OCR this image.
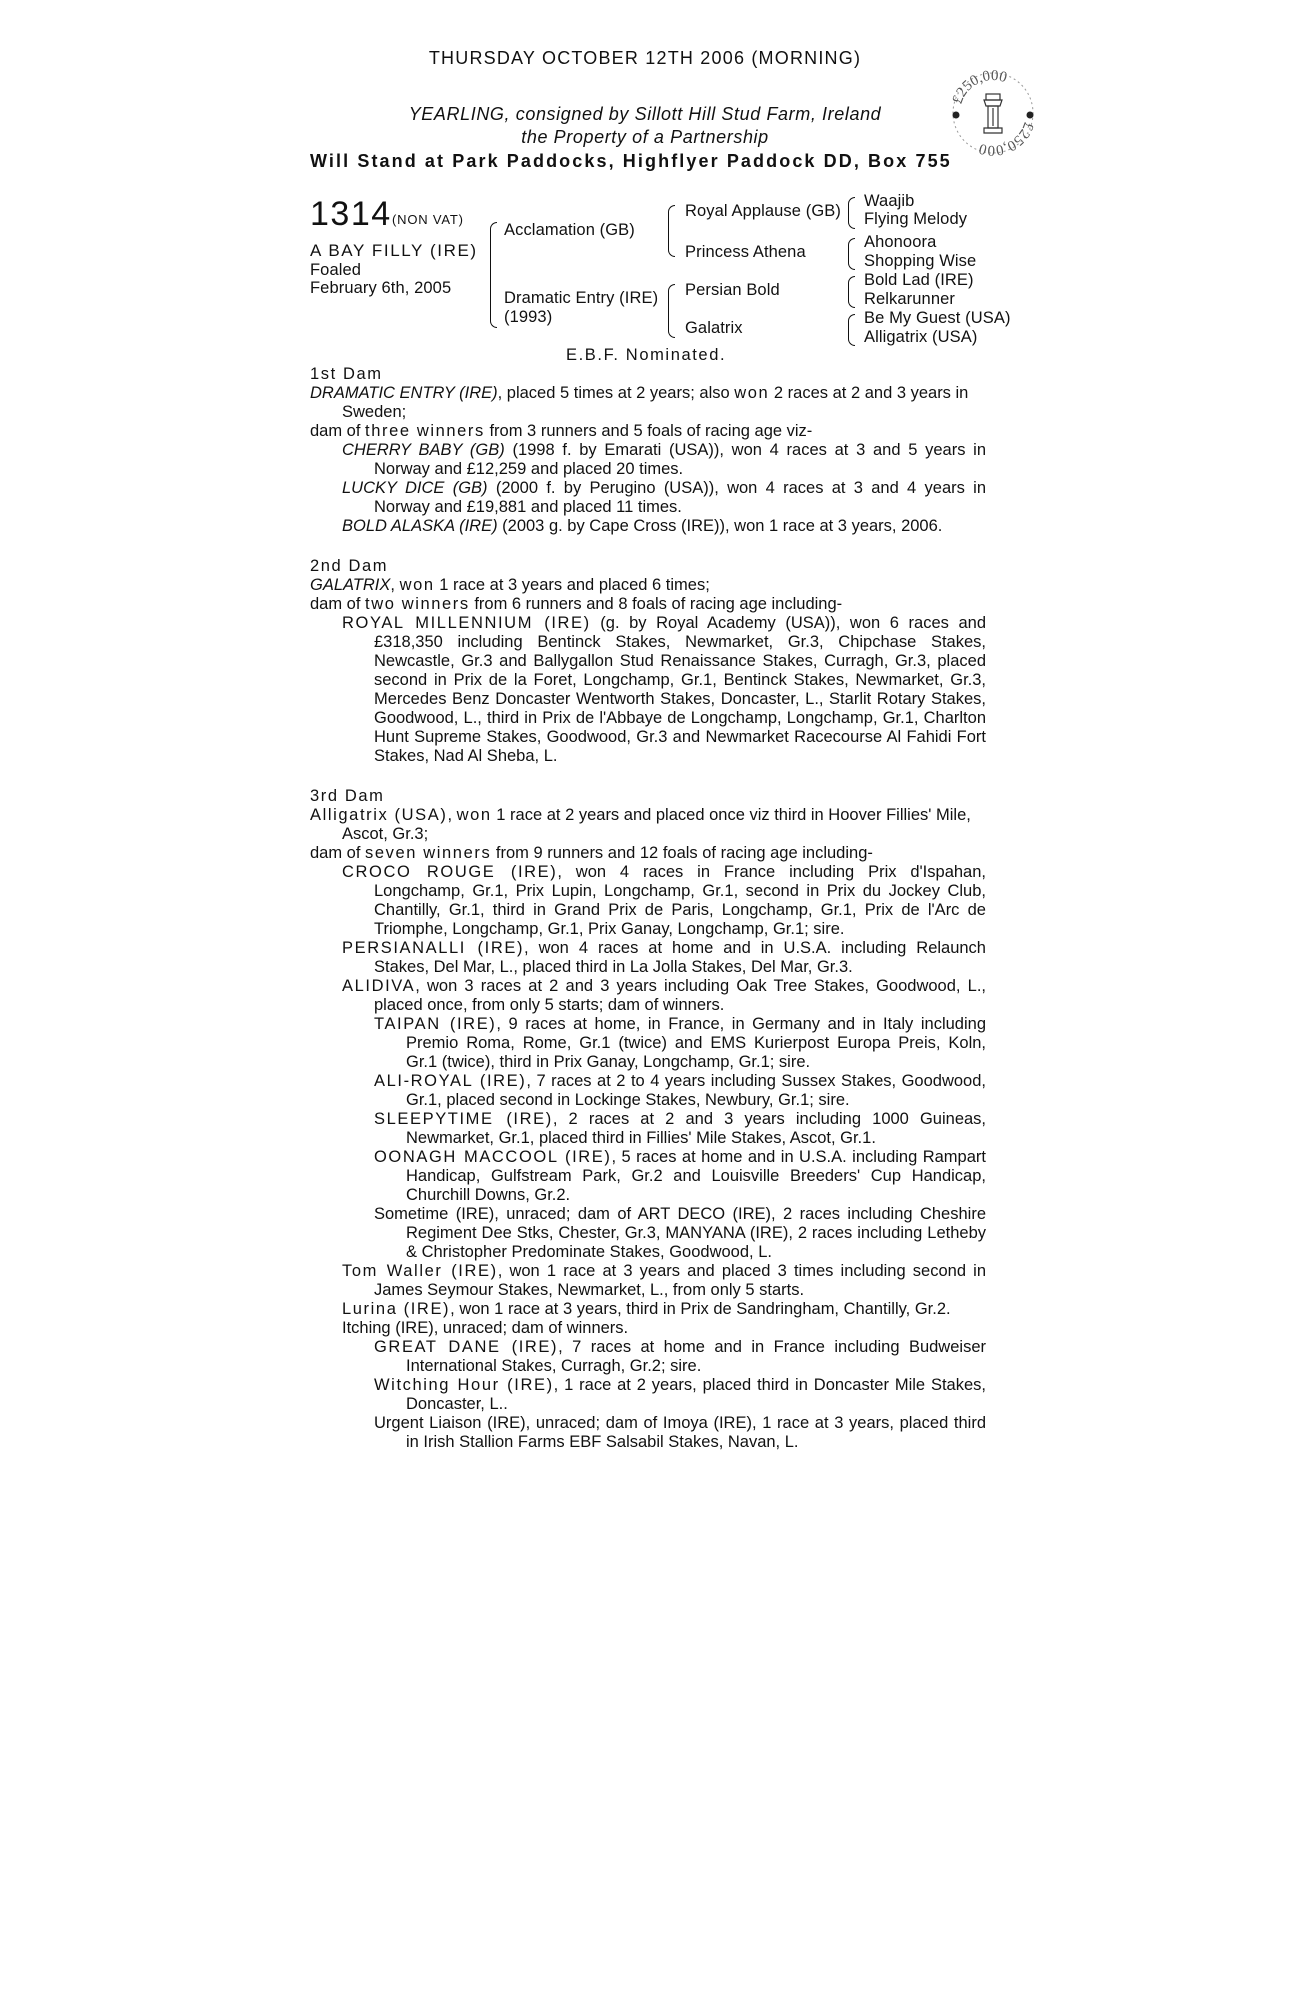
THURSDAY OCTOBER 12TH 2006 (MORNING)
YEARLING, consigned by Sillott Hill Stud Farm, Ireland
the Property of a Partnership
Will Stand at Park Paddocks, Highflyer Paddock DD, Box 755
£250,000
£250,000
1314 (NON VAT)
A BAY FILLY (IRE)
Foaled
February 6th, 2005
Acclamation (GB)
Dramatic Entry (IRE)
(1993)
Royal Applause (GB)
Princess Athena
Persian Bold
Galatrix
Waajib
Flying Melody
Ahonoora
Shopping Wise
Bold Lad (IRE)
Relkarunner
Be My Guest (USA)
Alligatrix (USA)
E.B.F. Nominated.

1st Dam

DRAMATIC ENTRY (IRE), placed 5 times at 2 years; also won 2 races at 2 and 3 years in Sweden;

dam of three winners from 3 runners and 5 foals of racing age viz-

CHERRY BABY (GB) (1998 f. by Emarati (USA)), won 4 races at 3 and 5 years in Norway and £12,259 and placed 20 times.

LUCKY DICE (GB) (2000 f. by Perugino (USA)), won 4 races at 3 and 4 years in Norway and £19,881 and placed 11 times.

BOLD ALASKA (IRE) (2003 g. by Cape Cross (IRE)), won 1 race at 3 years, 2006.

2nd Dam

GALATRIX, won 1 race at 3 years and placed 6 times;

dam of two winners from 6 runners and 8 foals of racing age including-

ROYAL MILLENNIUM (IRE) (g. by Royal Academy (USA)), won 6 races and £318,350 including Bentinck Stakes, Newmarket, Gr.3, Chipchase Stakes, Newcastle, Gr.3 and Ballygallon Stud Renaissance Stakes, Curragh, Gr.3, placed second in Prix de la Foret, Longchamp, Gr.1, Bentinck Stakes, Newmarket, Gr.3, Mercedes Benz Doncaster Wentworth Stakes, Doncaster, L., Starlit Rotary Stakes, Goodwood, L., third in Prix de l'Abbaye de Longchamp, Longchamp, Gr.1, Charlton Hunt Supreme Stakes, Goodwood, Gr.3 and Newmarket Racecourse Al Fahidi Fort Stakes, Nad Al Sheba, L.

3rd Dam

Alligatrix (USA), won 1 race at 2 years and placed once viz third in Hoover Fillies' Mile, Ascot, Gr.3;

dam of seven winners from 9 runners and 12 foals of racing age including-

CROCO ROUGE (IRE), won 4 races in France including Prix d'Ispahan, Longchamp, Gr.1, Prix Lupin, Longchamp, Gr.1, second in Prix du Jockey Club, Chantilly, Gr.1, third in Grand Prix de Paris, Longchamp, Gr.1, Prix de l'Arc de Triomphe, Longchamp, Gr.1, Prix Ganay, Longchamp, Gr.1; sire.

PERSIANALLI (IRE), won 4 races at home and in U.S.A. including Relaunch Stakes, Del Mar, L., placed third in La Jolla Stakes, Del Mar, Gr.3.

ALIDIVA, won 3 races at 2 and 3 years including Oak Tree Stakes, Goodwood, L., placed once, from only 5 starts; dam of winners.

TAIPAN (IRE), 9 races at home, in France, in Germany and in Italy including Premio Roma, Rome, Gr.1 (twice) and EMS Kurierpost Europa Preis, Koln, Gr.1 (twice), third in Prix Ganay, Longchamp, Gr.1; sire.

ALI-ROYAL (IRE), 7 races at 2 to 4 years including Sussex Stakes, Goodwood, Gr.1, placed second in Lockinge Stakes, Newbury, Gr.1; sire.

SLEEPYTIME (IRE), 2 races at 2 and 3 years including 1000 Guineas, Newmarket, Gr.1, placed third in Fillies' Mile Stakes, Ascot, Gr.1.

OONAGH MACCOOL (IRE), 5 races at home and in U.S.A. including Rampart Handicap, Gulfstream Park, Gr.2 and Louisville Breeders' Cup Handicap, Churchill Downs, Gr.2.

Sometime (IRE), unraced; dam of ART DECO (IRE), 2 races including Cheshire Regiment Dee Stks, Chester, Gr.3, MANYANA (IRE), 2 races including Letheby & Christopher Predominate Stakes, Goodwood, L.

Tom Waller (IRE), won 1 race at 3 years and placed 3 times including second in James Seymour Stakes, Newmarket, L., from only 5 starts.

Lurina (IRE), won 1 race at 3 years, third in Prix de Sandringham, Chantilly, Gr.2.

Itching (IRE), unraced; dam of winners.

GREAT DANE (IRE), 7 races at home and in France including Budweiser International Stakes, Curragh, Gr.2; sire.

Witching Hour (IRE), 1 race at 2 years, placed third in Doncaster Mile Stakes, Doncaster, L..

Urgent Liaison (IRE), unraced; dam of Imoya (IRE), 1 race at 3 years, placed third in Irish Stallion Farms EBF Salsabil Stakes, Navan, L.
